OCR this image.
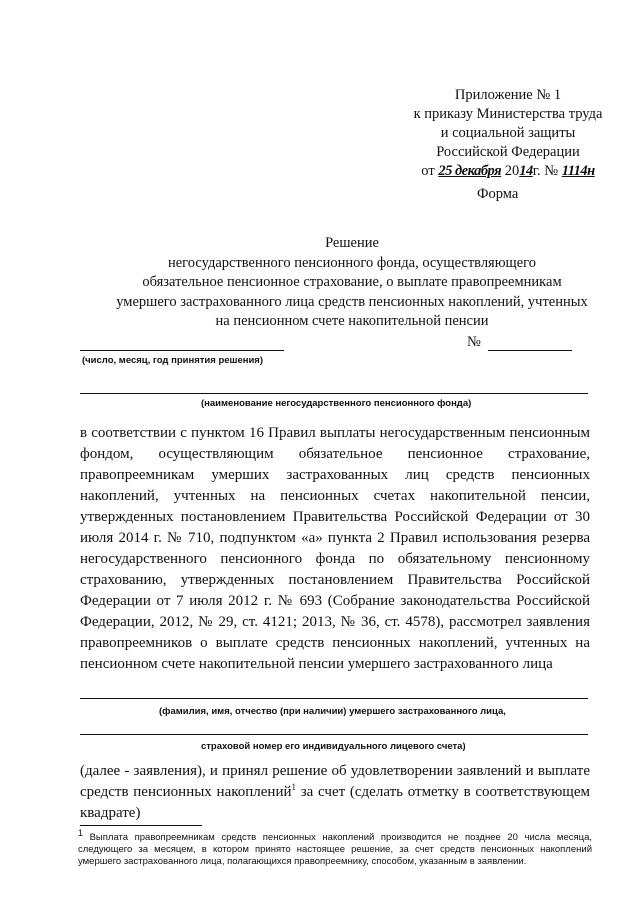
Приложение № 1
к приказу Министерства труда
и социальной защиты
Российской Федерации
от 25 декабря 2014г. № 1114н
Форма
Решение
негосударственного пенсионного фонда, осуществляющего
обязательное пенсионное страхование, о выплате правопреемникам
умершего застрахованного лица средств пенсионных накоплений, учтенных
на пенсионном счете накопительной пенсии
(число, месяц, год принятия решения)
№
(наименование негосударственного пенсионного фонда)

в соответствии с пунктом 16 Правил выплаты негосударственным пенсионным фондом, осуществляющим обязательное пенсионное страхование, правопреемникам умерших застрахованных лиц средств пенсионных накоплений, учтенных на пенсионных счетах накопительной пенсии, утвержденных постановлением Правительства Российской Федерации от 30 июля 2014 г. № 710, подпунктом «а» пункта 2 Правил использования резерва негосударственного пенсионного фонда по обязательному пенсионному страхованию, утвержденных постановлением Правительства Российской Федерации от 7 июля 2012 г. № 693 (Собрание законодательства Российской Федерации, 2012, № 29, ст. 4121; 2013, № 36, ст. 4578), рассмотрел заявления правопреемников о выплате средств пенсионных накоплений, учтенных на пенсионном счете накопительной пенсии умершего застрахованного лица

(фамилия, имя, отчество (при наличии) умершего застрахованного лица,
страховой номер его индивидуального лицевого счета)

(далее - заявления), и принял решение об удовлетворении заявлений и выплате средств пенсионных накоплений$^1$ за счет (сделать отметку в соответствующем квадрате)

$^1$ Выплата правопреемникам средств пенсионных накоплений производится не позднее 20 числа месяца, следующего за месяцем, в котором принято настоящее решение, за счет средств пенсионных накоплений умершего застрахованного лица, полагающихся правопреемнику, способом, указанным в заявлении.
